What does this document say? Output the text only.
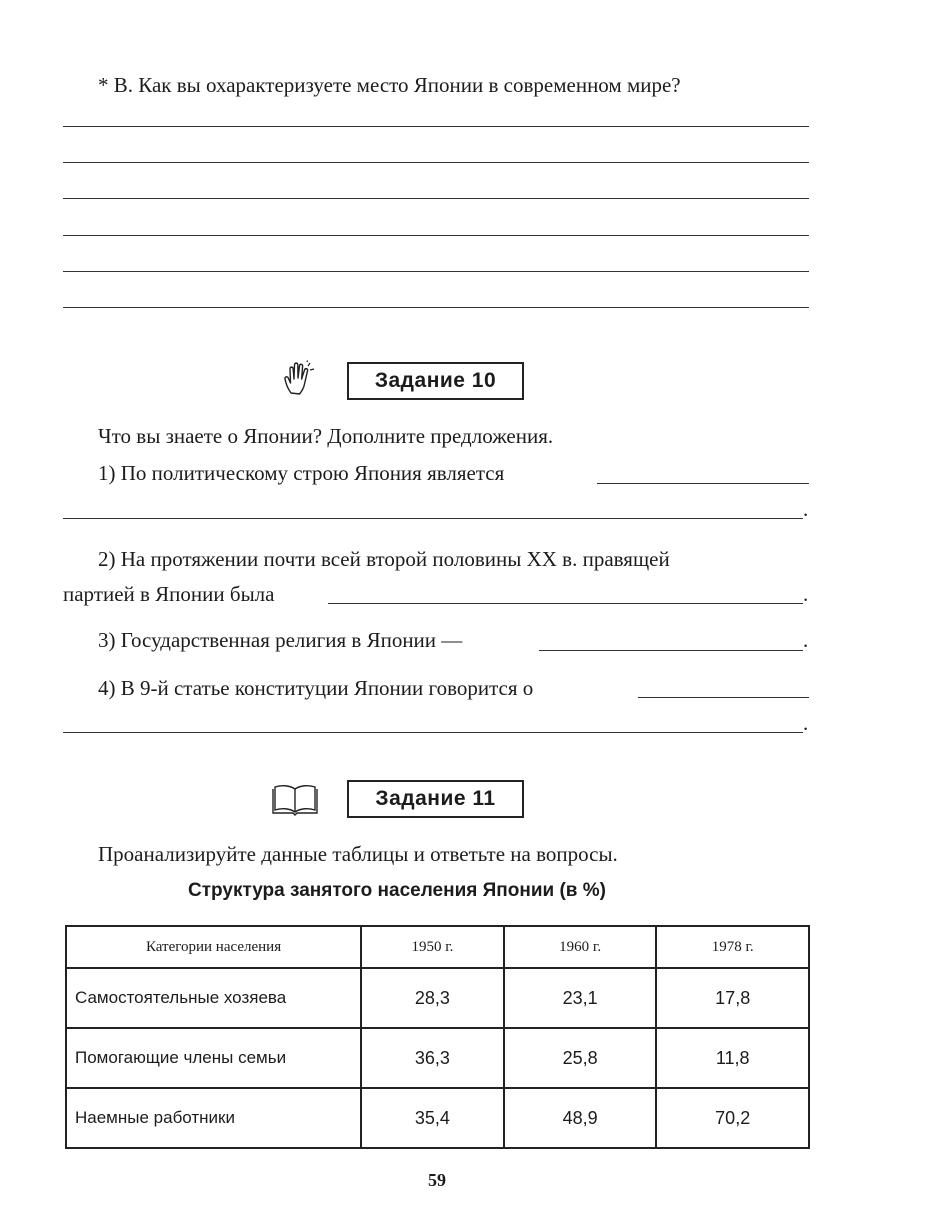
* В. Как вы охарактеризуете место Японии в современном мире?
Задание 10
Что вы знаете о Японии? Дополните предложения.
1) По политическому строю Япония является
.
2) На протяжении почти всей второй половины XX в. правящей
партией в Японии была	.
3) Государственная религия в Японии —	.
4) В 9-й статье конституции Японии говорится о
.
Задание 11
Проанализируйте данные таблицы и ответьте на вопросы.
Структура занятого населения Японии (в %)
Категории населения	1950 г.	1960 г.	1978 г.
Самостоятельные хозяева	28,3	23,1	17,8
Помогающие члены семьи	36,3	25,8	11,8
Наемные работники	35,4	48,9	70,2
59
